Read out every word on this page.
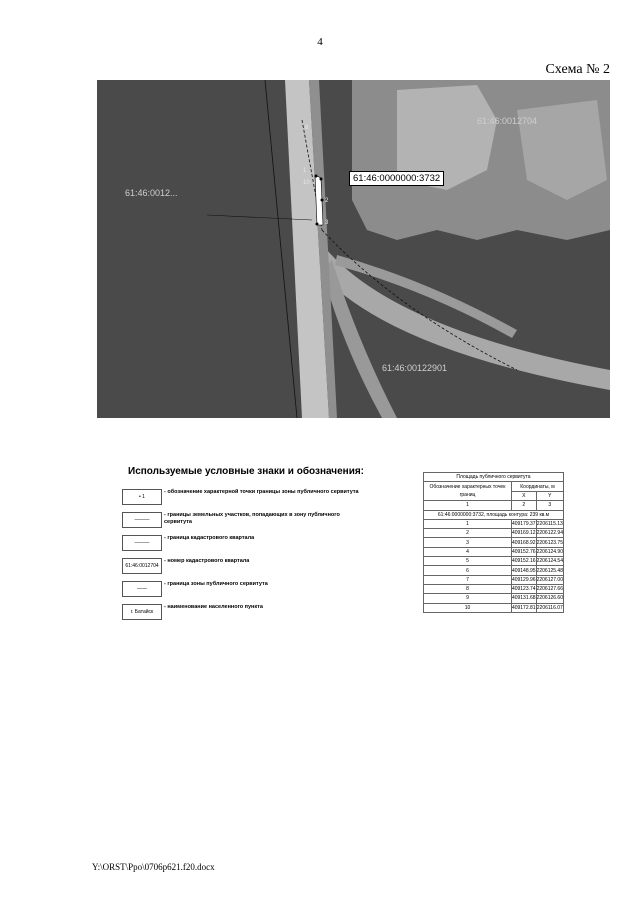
4
Схема № 2
61:46:0012704
61:46:0012...
61:46:00122901
61:46:0000000:3732
10
1
2
3
6
Используемые условные знаки и обозначения:
• 1
- обозначение характерной точки границы зоны публичного сервитута
———
- границы земельных участков, попадающих в зону публичного сервитута
———
- граница кадастрового квартала
61:46:0012704
- номер кадастрового квартала
——
- граница зоны публичного сервитута
г. Батайск
- наименование населенного пункта
Площадь публичного сервитута		
Обозначение характерных точек границ	Координаты, м	
	X	Y
1	2	3
61:46:0000000:3732, площадь контура: 239 кв.м		
1	409179.37	2206115.13
2	409169.12	2206122.94
3	409168.92	2206123.75
4	409152.76	2206124.90
5	409152.16	2206124.54
6	409148.95	2206125.48
7	409129.96	2206127.00
8	409123.74	2206127.66
9	409131.68	2206126.60
10	409172.81	2206116.07
Y:\ORST\Ppo\0706p621.f20.docx
